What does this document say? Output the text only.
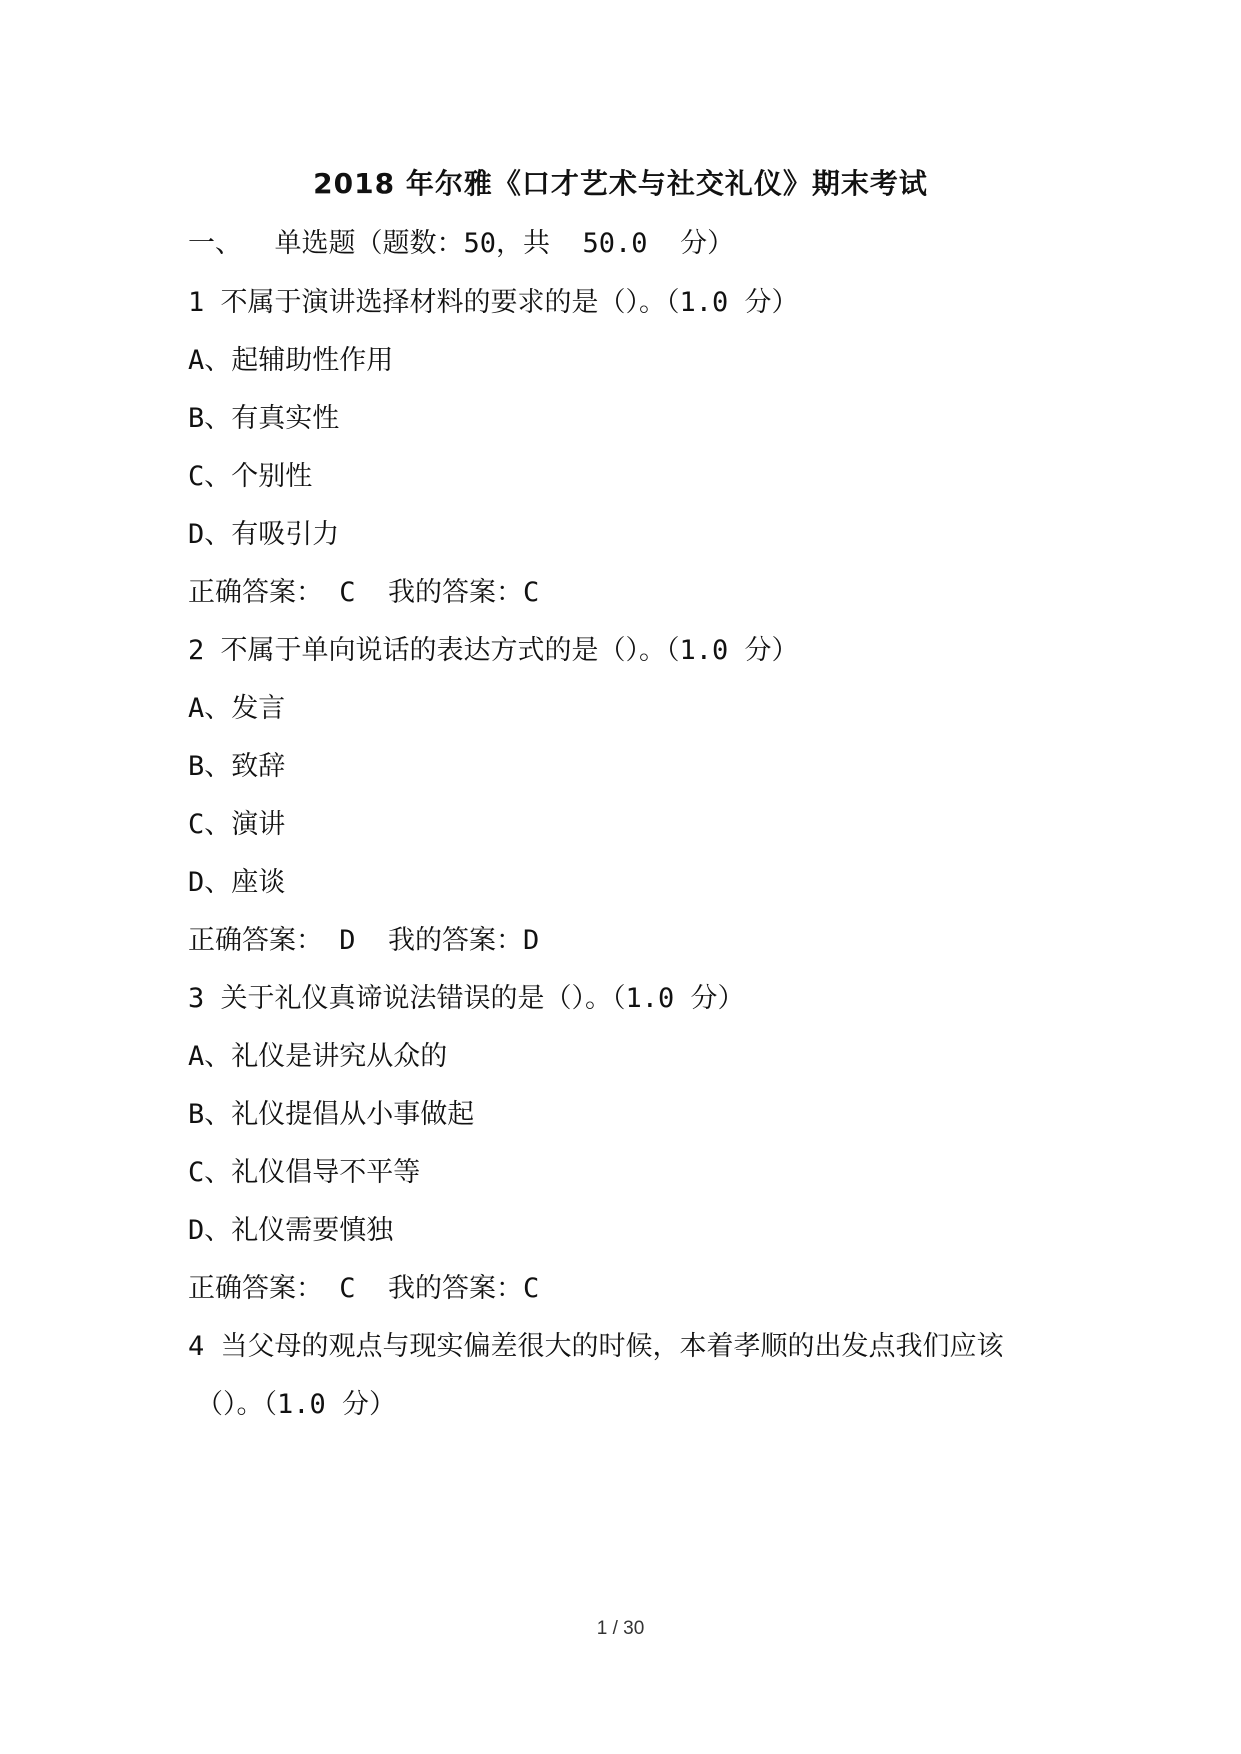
2018 年尔雅《口才艺术与社交礼仪》期末考试
一、  单选题（题数：50，共  50.0  分）
1 不属于演讲选择材料的要求的是（）。（1.0 分）
A、起辅助性作用
B、有真实性
C、个别性
D、有吸引力
正确答案： C  我的答案：C
2 不属于单向说话的表达方式的是（）。（1.0 分）
A、发言
B、致辞
C、演讲
D、座谈
正确答案： D  我的答案：D
3 关于礼仪真谛说法错误的是（）。（1.0 分）
A、礼仪是讲究从众的
B、礼仪提倡从小事做起
C、礼仪倡导不平等
D、礼仪需要慎独
正确答案： C  我的答案：C
4 当父母的观点与现实偏差很大的时候，本着孝顺的出发点我们应该
（）。（1.0 分）
1 / 30
